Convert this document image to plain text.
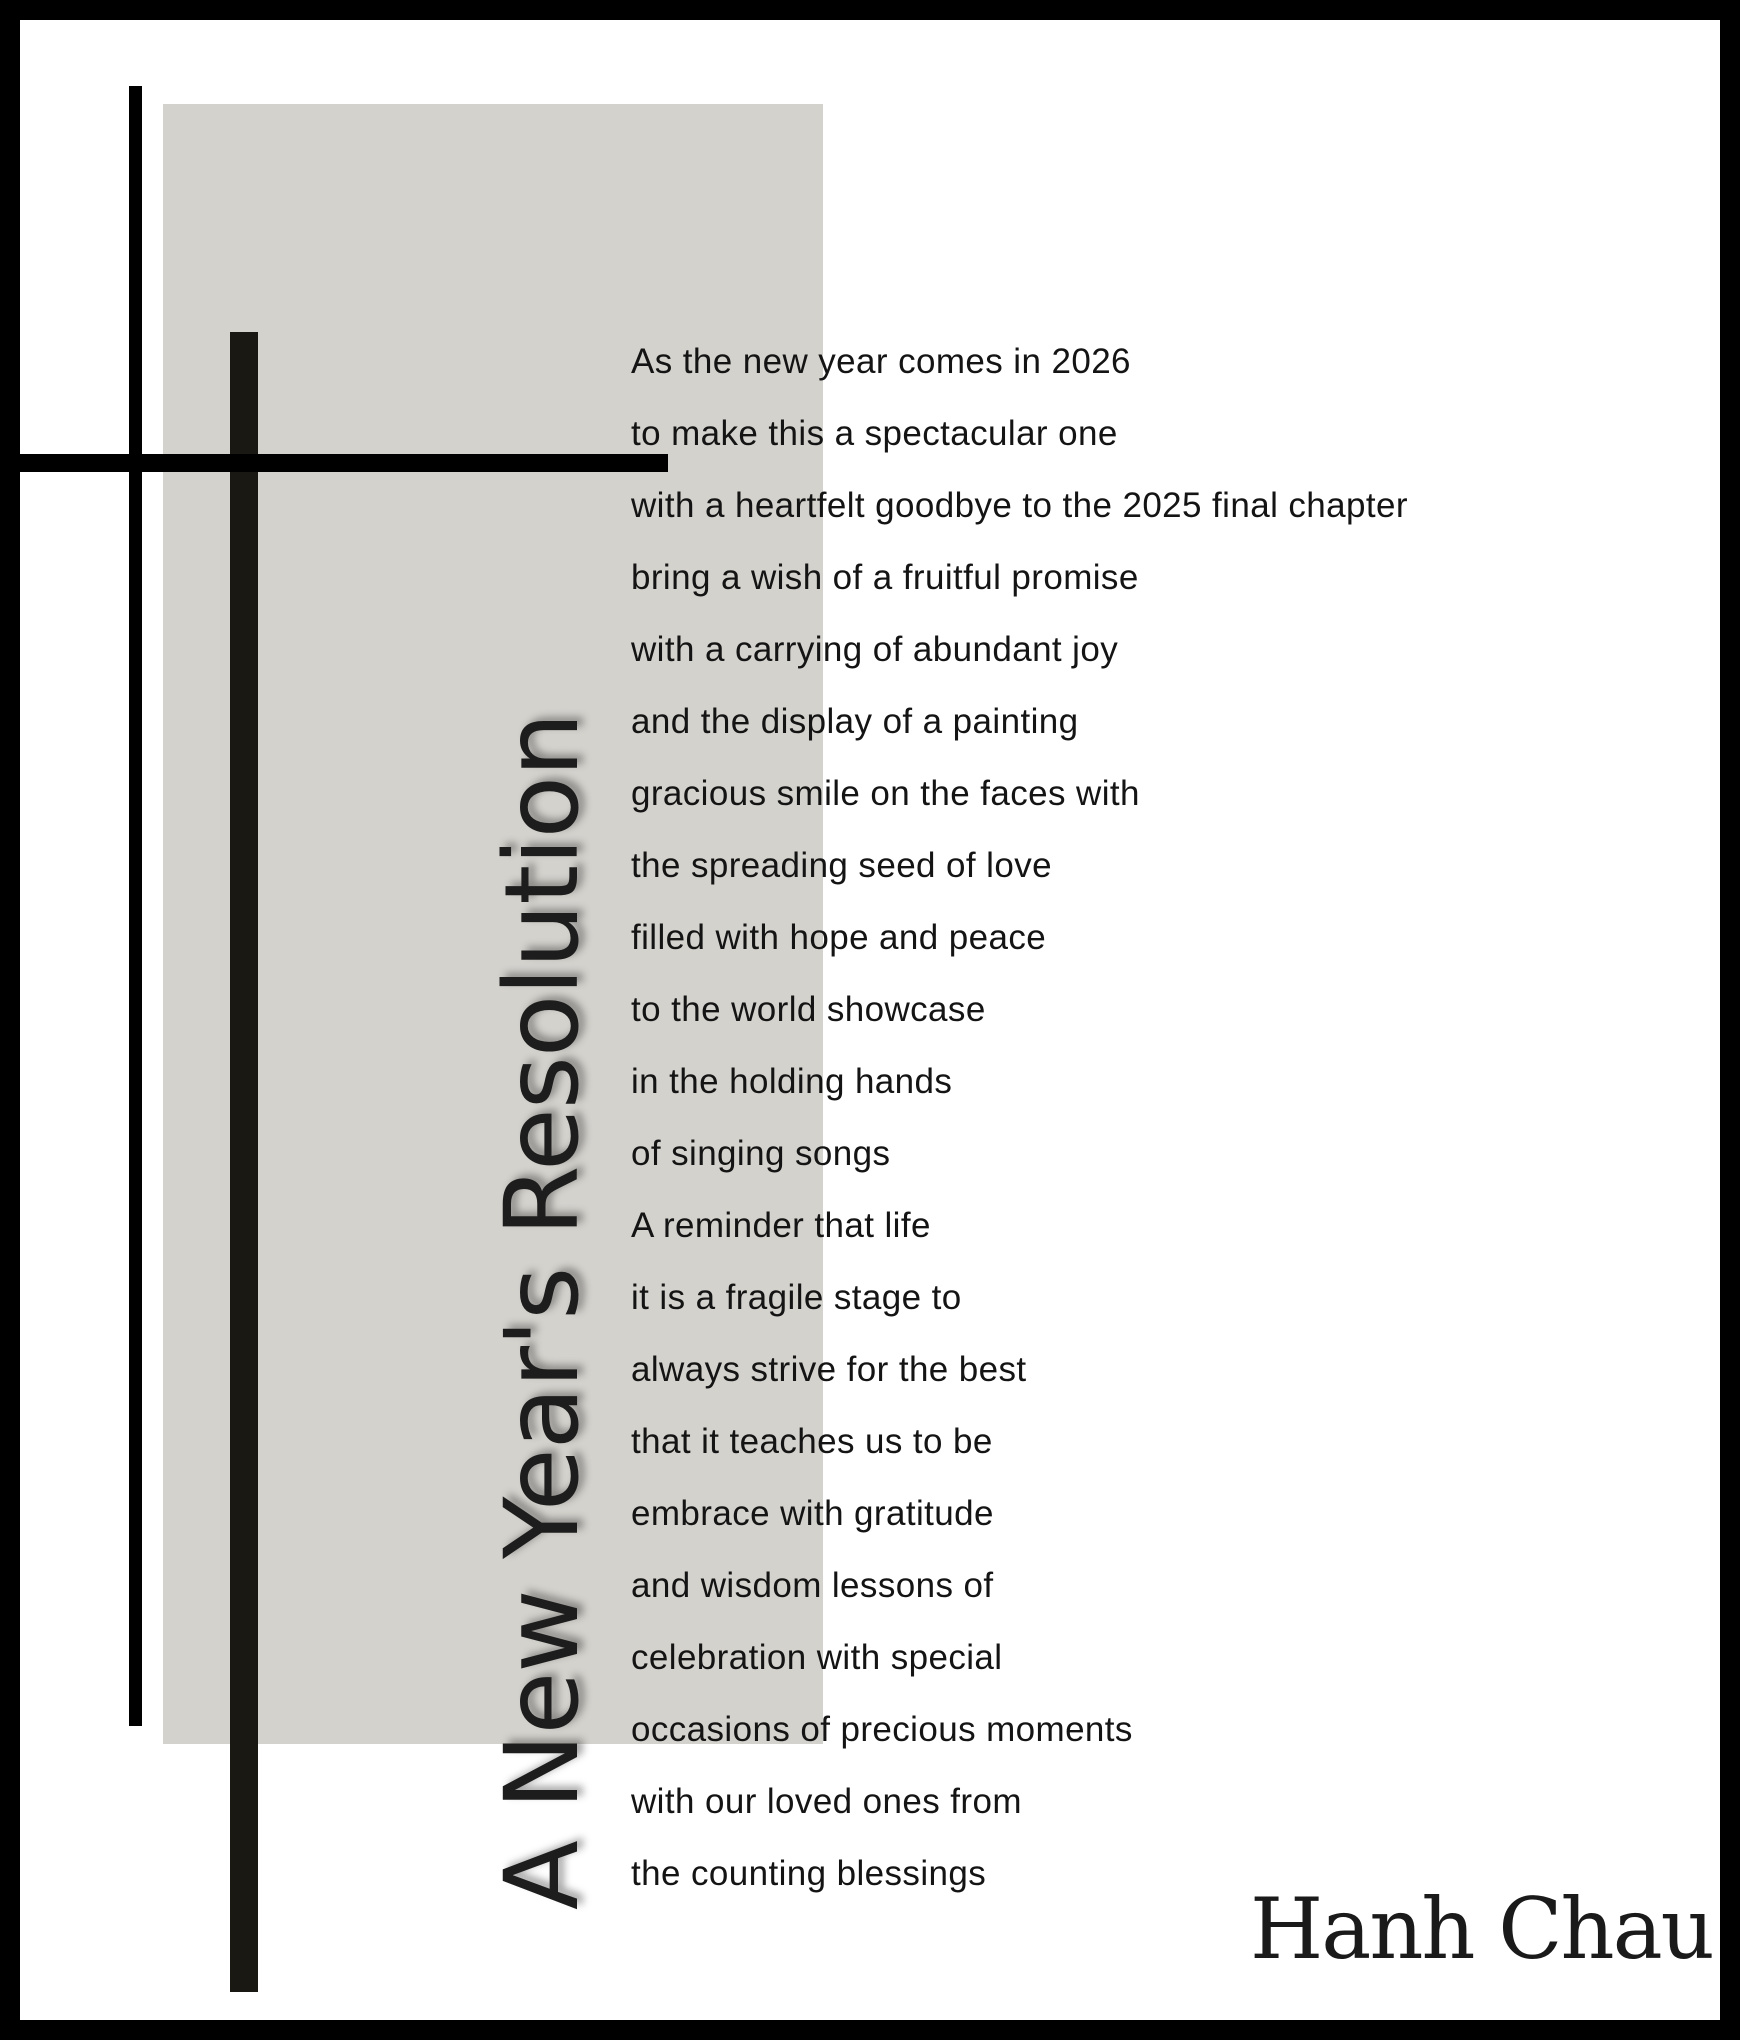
A New Year's Resolution
As the new year comes in 2026
to make this a spectacular one
with a heartfelt goodbye to the 2025 final chapter
bring a wish of a fruitful promise
with a carrying of abundant joy
and the display of a painting
gracious smile on the faces with
the spreading seed of love
filled with hope and peace
to the world showcase
in the holding hands
of singing songs
A reminder that life
it is a fragile stage to
always strive for the best
that it teaches us to be
embrace with gratitude
and wisdom lessons of
celebration with special
occasions of precious moments
with our loved ones from
the counting blessings
Hanh Chau
